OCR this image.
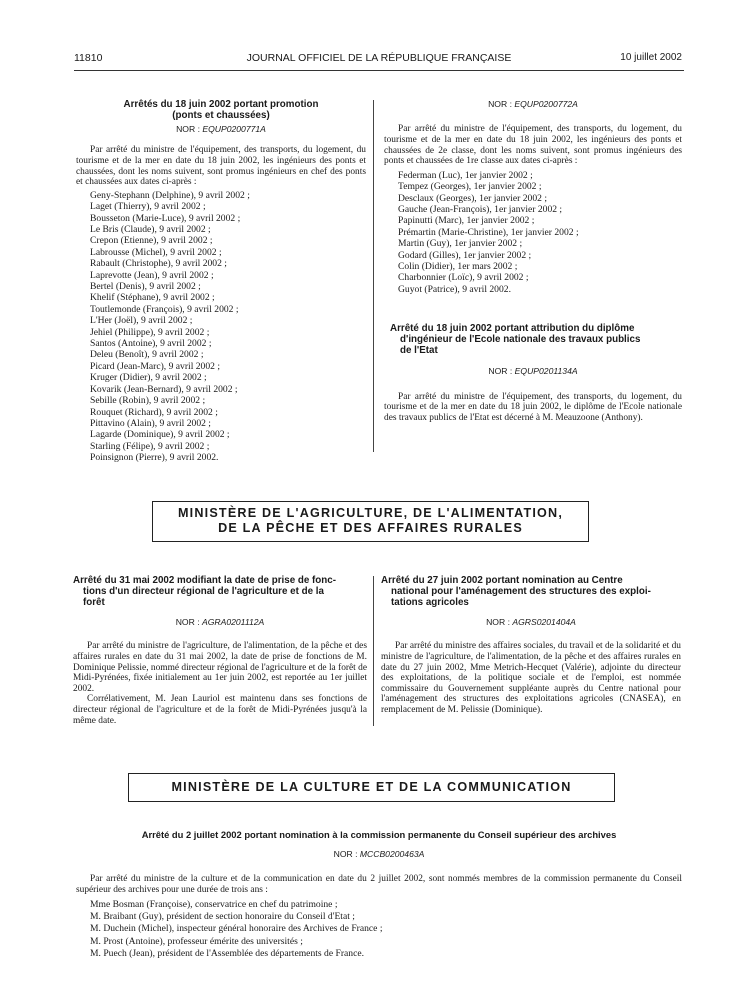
11810	JOURNAL OFFICIEL DE LA RÉPUBLIQUE FRANÇAISE	10 juillet 2002
Arrêtés du 18 juin 2002 portant promotion
(ponts et chaussées)
NOR : EQUP0200771A
Par arrêté du ministre de l'équipement, des transports, du logement, du tourisme et de la mer en date du 18 juin 2002, les ingénieurs des ponts et chaussées, dont les noms suivent, sont promus ingénieurs en chef des ponts et chaussées aux dates ci-après :
Geny-Stephann (Delphine), 9 avril 2002 ;
Laget (Thierry), 9 avril 2002 ;
Bousseton (Marie-Luce), 9 avril 2002 ;
Le Bris (Claude), 9 avril 2002 ;
Crepon (Etienne), 9 avril 2002 ;
Labrousse (Michel), 9 avril 2002 ;
Rabault (Christophe), 9 avril 2002 ;
Laprevotte (Jean), 9 avril 2002 ;
Bertel (Denis), 9 avril 2002 ;
Khelif (Stéphane), 9 avril 2002 ;
Toutlemonde (François), 9 avril 2002 ;
L'Her (Joël), 9 avril 2002 ;
Jehiel (Philippe), 9 avril 2002 ;
Santos (Antoine), 9 avril 2002 ;
Deleu (Benoît), 9 avril 2002 ;
Picard (Jean-Marc), 9 avril 2002 ;
Kruger (Didier), 9 avril 2002 ;
Kovarik (Jean-Bernard), 9 avril 2002 ;
Sebille (Robin), 9 avril 2002 ;
Rouquet (Richard), 9 avril 2002 ;
Pittavino (Alain), 9 avril 2002 ;
Lagarde (Dominique), 9 avril 2002 ;
Starling (Félipe), 9 avril 2002 ;
Poinsignon (Pierre), 9 avril 2002.
NOR : EQUP0200772A
Par arrêté du ministre de l'équipement, des transports, du logement, du tourisme et de la mer en date du 18 juin 2002, les ingénieurs des ponts et chaussées de 2e classe, dont les noms suivent, sont promus ingénieurs des ponts et chaussées de 1re classe aux dates ci-après :
Federman (Luc), 1er janvier 2002 ;
Tempez (Georges), 1er janvier 2002 ;
Desclaux (Georges), 1er janvier 2002 ;
Gauche (Jean-François), 1er janvier 2002 ;
Papinutti (Marc), 1er janvier 2002 ;
Prémartin (Marie-Christine), 1er janvier 2002 ;
Martin (Guy), 1er janvier 2002 ;
Godard (Gilles), 1er janvier 2002 ;
Colin (Didier), 1er mars 2002 ;
Charbonnier (Loïc), 9 avril 2002 ;
Guyot (Patrice), 9 avril 2002.
Arrêté du 18 juin 2002 portant attribution du diplôme
d'ingénieur de l'Ecole nationale des travaux publics
de l'Etat
NOR : EQUP0201134A
Par arrêté du ministre de l'équipement, des transports, du logement, du tourisme et de la mer en date du 18 juin 2002, le diplôme de l'Ecole nationale des travaux publics de l'Etat est décerné à M. Meauzoone (Anthony).
MINISTÈRE DE L'AGRICULTURE, DE L'ALIMENTATION,
DE LA PÊCHE ET DES AFFAIRES RURALES
Arrêté du 31 mai 2002 modifiant la date de prise de fonc-
tions d'un directeur régional de l'agriculture et de la
forêt
NOR : AGRA0201112A
Par arrêté du ministre de l'agriculture, de l'alimentation, de la pêche et des affaires rurales en date du 31 mai 2002, la date de prise de fonctions de M. Dominique Pelissie, nommé directeur régional de l'agriculture et de la forêt de Midi-Pyrénées, fixée initialement au 1er juin 2002, est reportée au 1er juillet 2002.
Corrélativement, M. Jean Lauriol est maintenu dans ses fonctions de directeur régional de l'agriculture et de la forêt de Midi-Pyrénées jusqu'à la même date.
Arrêté du 27 juin 2002 portant nomination au Centre
national pour l'aménagement des structures des exploi-
tations agricoles
NOR : AGRS0201404A
Par arrêté du ministre des affaires sociales, du travail et de la solidarité et du ministre de l'agriculture, de l'alimentation, de la pêche et des affaires rurales en date du 27 juin 2002, Mme Metrich-Hecquet (Valérie), adjointe du directeur des exploitations, de la politique sociale et de l'emploi, est nommée commissaire du Gouvernement suppléante auprès du Centre national pour l'aménagement des structures des exploitations agricoles (CNASEA), en remplacement de M. Pelissie (Dominique).
MINISTÈRE DE LA CULTURE ET DE LA COMMUNICATION
Arrêté du 2 juillet 2002 portant nomination à la commission permanente du Conseil supérieur des archives
NOR : MCCB0200463A
Par arrêté du ministre de la culture et de la communication en date du 2 juillet 2002, sont nommés membres de la commission permanente du Conseil supérieur des archives pour une durée de trois ans :
Mme Bosman (Françoise), conservatrice en chef du patrimoine ;
M. Braibant (Guy), président de section honoraire du Conseil d'Etat ;
M. Duchein (Michel), inspecteur général honoraire des Archives de France ;
M. Prost (Antoine), professeur émérite des universités ;
M. Puech (Jean), président de l'Assemblée des départements de France.
